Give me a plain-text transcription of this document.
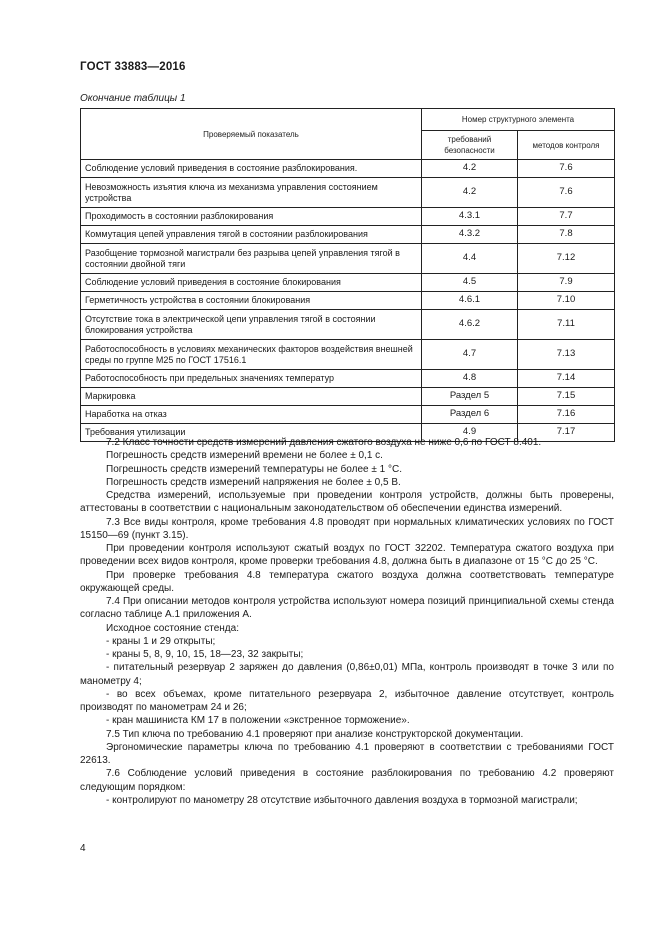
ГОСТ 33883—2016
Окончание таблицы 1
Проверяемый показатель	Номер структурного элемента	
	требований безопасности	методов контроля
Соблюдение условий приведения в состояние разблокирования.	4.2	7.6
Невозможность изъятия ключа из механизма управления состоянием устройства	4.2	7.6
Проходимость в состоянии разблокирования	4.3.1	7.7
Коммутация цепей управления тягой в состоянии разблокирования	4.3.2	7.8
Разобщение тормозной магистрали без разрыва цепей управления тягой в состоянии двойной тяги	4.4	7.12
Соблюдение условий приведения в состояние блокирования	4.5	7.9
Герметичность устройства в состоянии блокирования	4.6.1	7.10
Отсутствие тока в электрической цепи управления тягой в состоянии блокирования устройства	4.6.2	7.11
Работоспособность в условиях механических факторов воздействия внешней среды по группе М25 по ГОСТ 17516.1	4.7	7.13
Работоспособность при предельных значениях температур	4.8	7.14
Маркировка	Раздел 5	7.15
Наработка на отказ	Раздел 6	7.16
Требования утилизации	4.9	7.17

7.2 Класс точности средств измерений давления сжатого воздуха не ниже 0,6 по ГОСТ 8.401.

Погрешность средств измерений времени не более ± 0,1 с.

Погрешность средств измерений температуры не более ± 1 °С.

Погрешность средств измерений напряжения не более ± 0,5 В.

Средства измерений, используемые при проведении контроля устройств, должны быть проверены, аттестованы в соответствии с национальным законодательством об обеспечении единства измерений.

7.3 Все виды контроля, кроме требования 4.8 проводят при нормальных климатических условиях по ГОСТ 15150—69 (пункт 3.15).

При проведении контроля используют сжатый воздух по ГОСТ 32202. Температура сжатого воздуха при проведении всех видов контроля, кроме проверки требования 4.8, должна быть в диапазоне от 15 °С до 25 °С.

При проверке требования 4.8 температура сжатого воздуха должна соответствовать температуре окружающей среды.

7.4 При описании методов контроля устройства используют номера позиций принципиальной схемы стенда согласно таблице А.1 приложения А.

Исходное состояние стенда:

- краны 1 и 29 открыты;

- краны 5, 8, 9, 10, 15, 18—23, 32 закрыты;

- питательный резервуар 2 заряжен до давления (0,86±0,01) МПа, контроль производят в точке 3 или по манометру 4;

- во всех объемах, кроме питательного резервуара 2, избыточное давление отсутствует, контроль производят по манометрам 24 и 26;

- кран машиниста КМ 17 в положении «экстренное торможение».

7.5 Тип ключа по требованию 4.1 проверяют при анализе конструкторской документации.

Эргономические параметры ключа по требованию 4.1 проверяют в соответствии с требованиями ГОСТ 22613.

7.6 Соблюдение условий приведения в состояние разблокирования по требованию 4.2 проверяют следующим порядком:

- контролируют по манометру 28 отсутствие избыточного давления воздуха в тормозной магистрали;

4
